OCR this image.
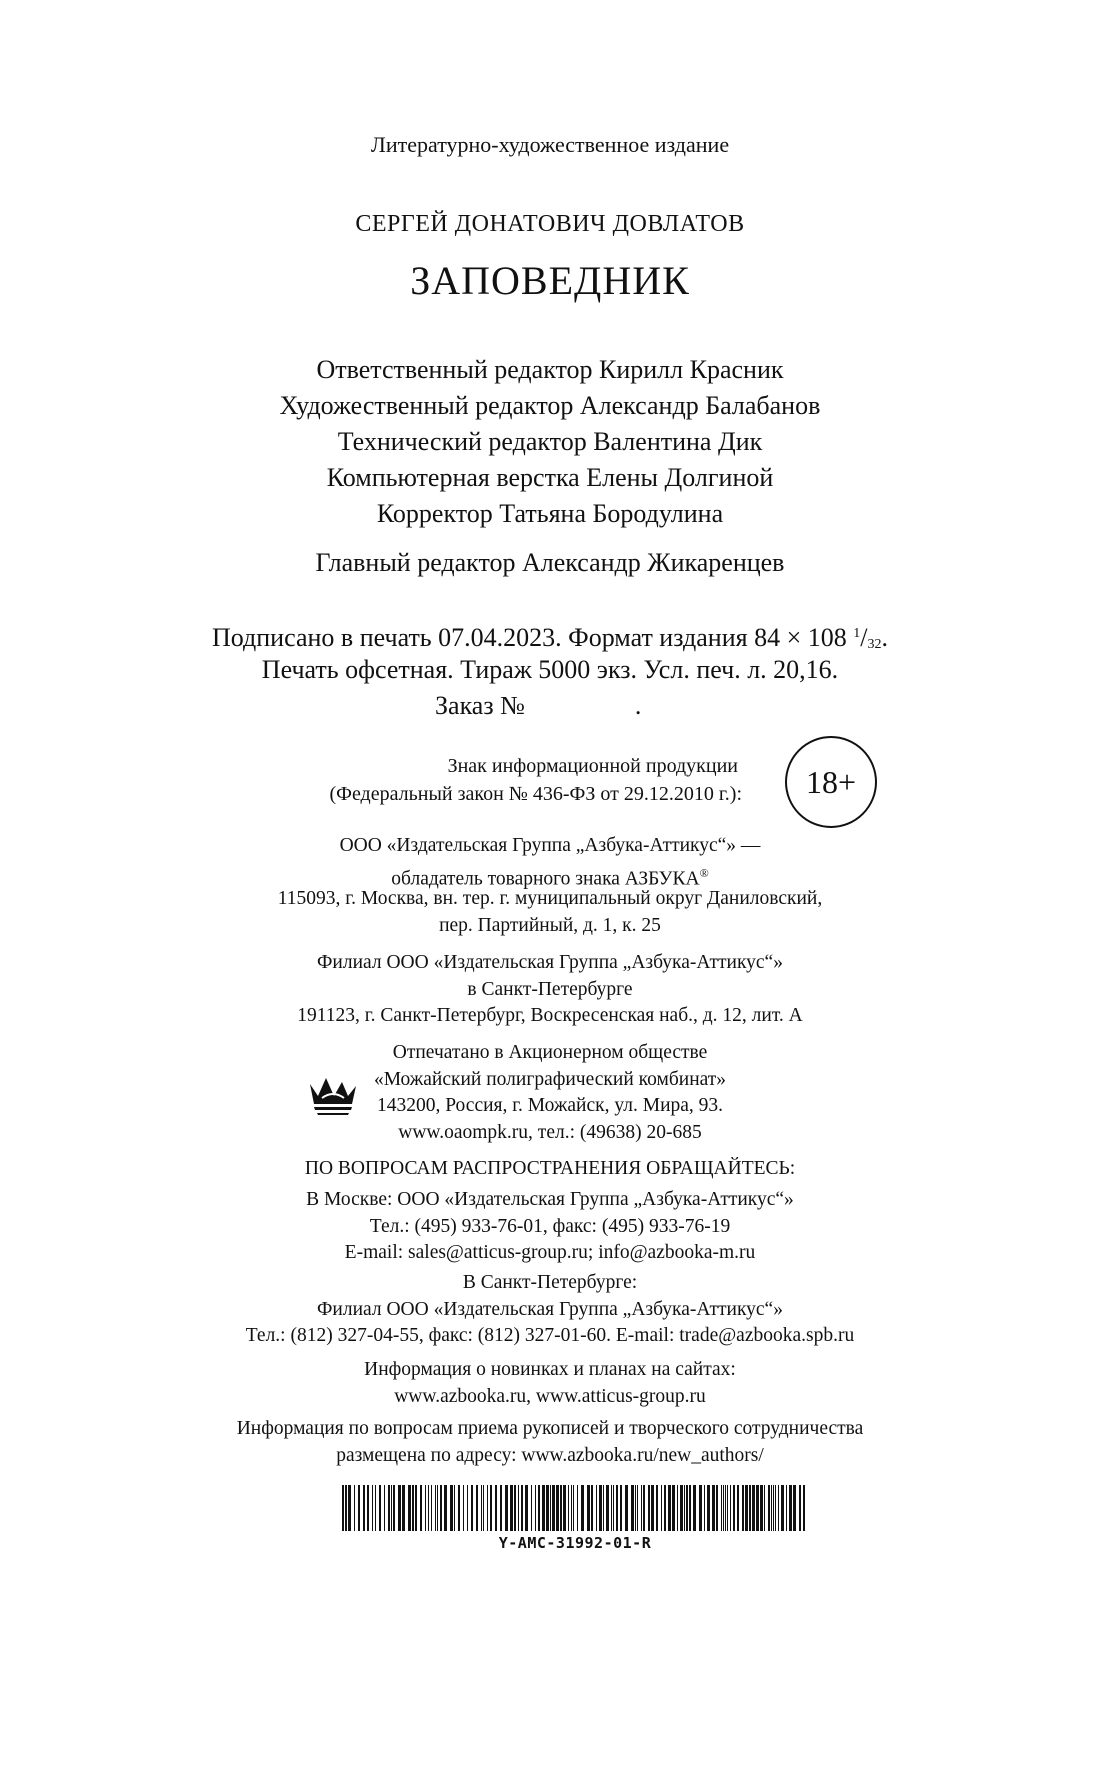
Литературно-художественное издание
СЕРГЕЙ ДОНАТОВИЧ ДОВЛАТОВ
ЗАПОВЕДНИК
Ответственный редактор Кирилл Красник
Художественный редактор Александр Балабанов
Технический редактор Валентина Дик
Компьютерная верстка Елены Долгиной
Корректор Татьяна Бородулина
Главный редактор Александр Жикаренцев
Подписано в печать 07.04.2023. Формат издания 84 × 108 $^1/_{32}$.
Печать офсетная. Тираж 5000 экз. Усл. печ. л. 20,16.
Заказ №	.
Знак информационной продукции
(Федеральный закон № 436-ФЗ от 29.12.2010 г.):	18+
ООО «Издательская Группа „Азбука-Аттикус“» —
обладатель товарного знака АЗБУКА®
115093, г. Москва, вн. тер. г. муниципальный округ Даниловский,
пер. Партийный, д. 1, к. 25
Филиал ООО «Издательская Группа „Азбука-Аттикус“»
в Санкт-Петербурге
191123, г. Санкт-Петербург, Воскресенская наб., д. 12, лит. А
Отпечатано в Акционерном обществе
«Можайский полиграфический комбинат»
143200, Россия, г. Можайск, ул. Мира, 93.
www.oaompk.ru, тел.: (49638) 20-685
ПО ВОПРОСАМ РАСПРОСТРАНЕНИЯ ОБРАЩАЙТЕСЬ:
В Москве: ООО «Издательская Группа „Азбука-Аттикус“»
Тел.: (495) 933-76-01, факс: (495) 933-76-19
E-mail: sales@atticus-group.ru; info@azbooka-m.ru
В Санкт-Петербурге:
Филиал ООО «Издательская Группа „Азбука-Аттикус“»
Тел.: (812) 327-04-55, факс: (812) 327-01-60. E-mail: trade@azbooka.spb.ru
Информация о новинках и планах на сайтах:
www.azbooka.ru, www.atticus-group.ru
Информация по вопросам приема рукописей и творческого сотрудничества
размещена по адресу: www.azbooka.ru/new_authors/
Y-AMC-31992-01-R
